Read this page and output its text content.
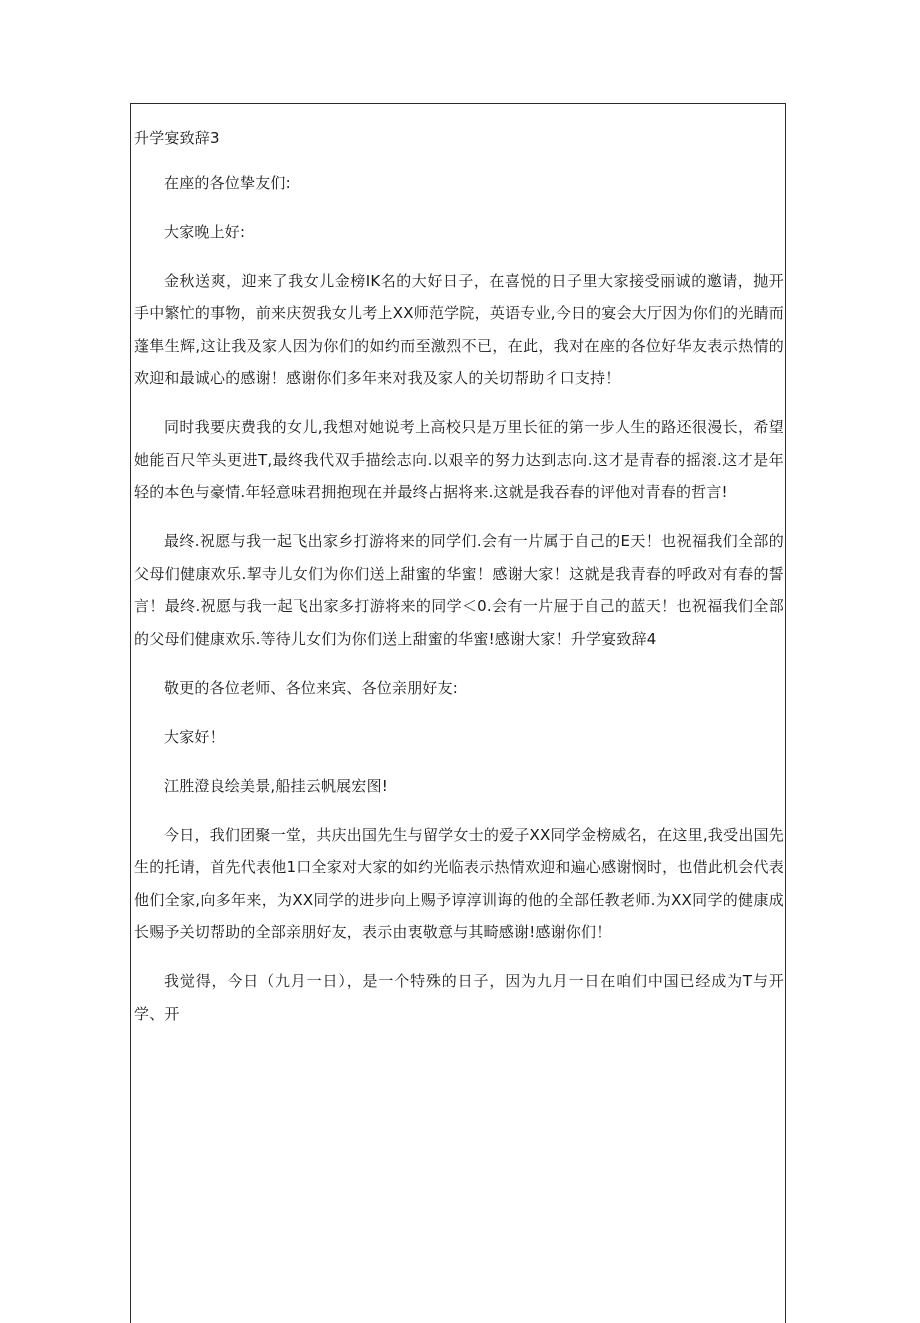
升学宴致辞3

在座的各位挚友们:

大家晚上好:

金秋送爽，迎来了我女儿金榜IK名的大好日子，在喜悦的日子里大家接受丽诚的邀请，抛开手中繁忙的事物，前来庆贺我女儿考上XX师范学院，英语专业,今日的宴会大厅因为你们的光睛而蓬隼生辉,这让我及家人因为你们的如约而至激烈不已，在此，我对在座的各位好华友表示热情的欢迎和最诚心的感谢！感谢你们多年来对我及家人的关切帮助彳口支持！

同时我要庆费我的女儿,我想对她说考上高校只是万里长征的第一步人生的路还很漫长，希望她能百尺竿头更进T,最终我代双手描绘志向.以艰辛的努力达到志向.这才是青春的摇滚.这才是年轻的本色与豪情.年轻意味君拥抱现在并最终占据将来.这就是我吞春的评他对青春的哲言!

最终.祝愿与我一起飞出家乡打游将来的同学们.会有一片属于自己的E天！也祝福我们全部的父母们健康欢乐.挈寺儿女们为你们送上甜蜜的华蜜！感谢大家！这就是我青春的呼政对有春的誓言！最终.祝愿与我一起飞出家多打游将来的同学＜0.会有一片屉于自己的蓝天！也祝福我们全部的父母们健康欢乐.等待儿女们为你们送上甜蜜的华蜜!感谢大家！升学宴致辞4

敬更的各位老师、各位来宾、各位亲朋好友:

大家好！

江胜澄良绘美景,船挂云帆展宏图!

今日，我们团聚一堂，共庆出国先生与留学女士的爱子XX同学金榜威名，在这里,我受出国先生的托请，首先代表他1口全家对大家的如约光临表示热情欢迎和遍心感谢悯时，也借此机会代表他们全家,向多年来，为XX同学的进步向上赐予谆淳训诲的他的全部任教老师.为XX同学的健康成长赐予关切帮助的全部亲朋好友，表示由衷敬意与其畸感谢!感谢你们！

我觉得，今日（九月一日），是一个特殊的日子，因为九月一日在咱们中国已经成为T与开学、开
